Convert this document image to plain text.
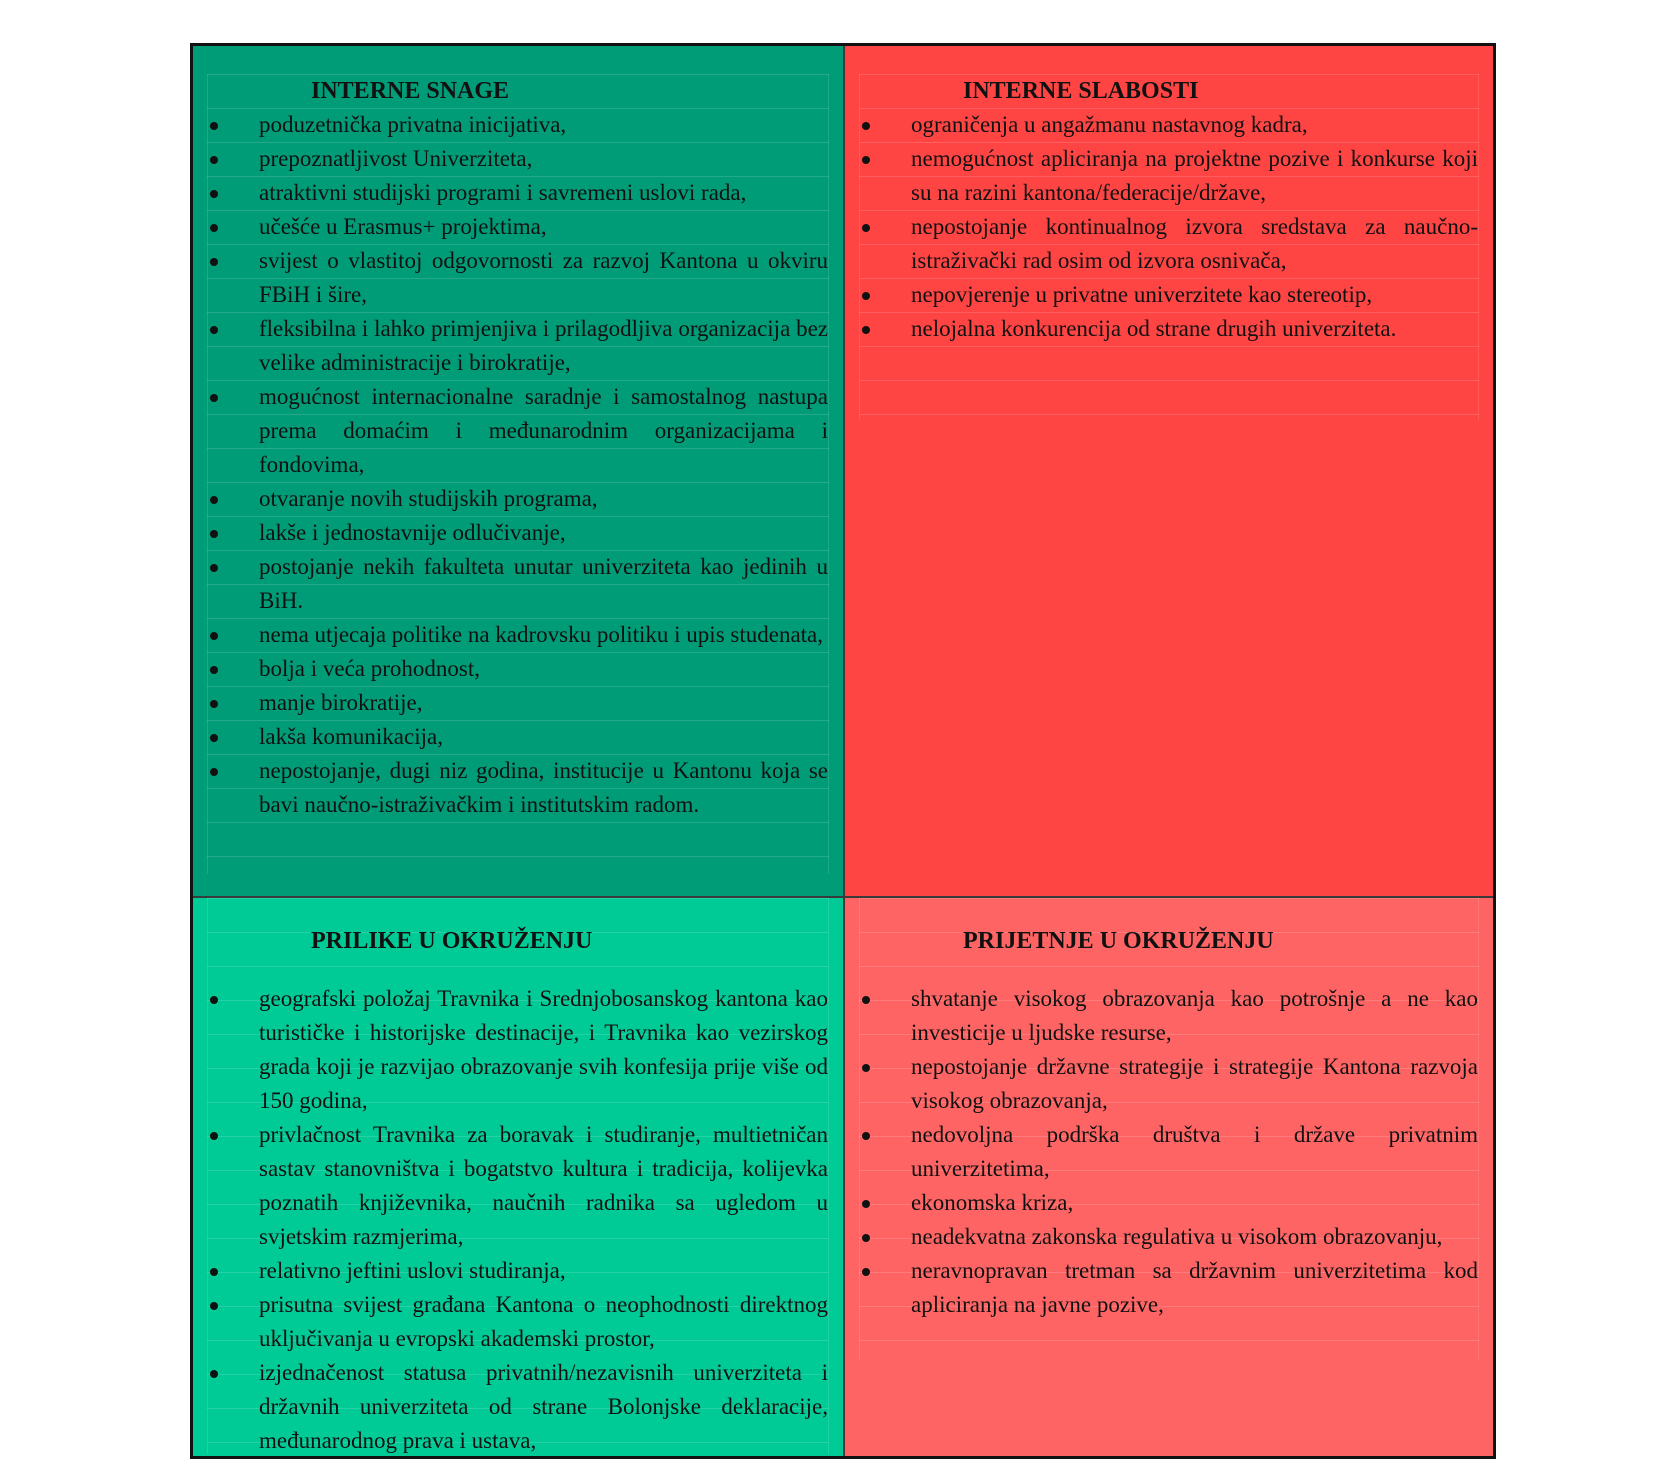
INTERNE SNAGE
poduzetnička privatna inicijativa,
prepoznatljivost Univerziteta,
atraktivni studijski programi i savremeni uslovi rada,
učešće u Erasmus+ projektima,
svijest o vlastitoj odgovornosti za razvoj Kantona u okviru FBiH i šire,
fleksibilna i lahko primjenjiva i prilagodljiva organizacija bez velike administracije i birokratije,
mogućnost internacionalne saradnje i samostalnog nastupa prema domaćim i međunarodnim organizacijama i fondovima,
otvaranje novih studijskih programa,
lakše i jednostavnije odlučivanje,
postojanje nekih fakulteta unutar univerziteta kao jedinih u BiH.
nema utjecaja politike na kadrovsku politiku i upis studenata,
bolja i veća prohodnost,
manje birokratije,
lakša komunikacija,
nepostojanje, dugi niz godina, institucije u Kantonu koja se bavi naučno-istraživačkim i institutskim radom.
INTERNE SLABOSTI
ograničenja u angažmanu nastavnog kadra,
nemogućnost apliciranja na projektne pozive i konkurse koji su na razini kantona/federacije/države,
nepostojanje kontinualnog izvora sredstava za naučno-istraživački rad osim od izvora osnivača,
nepovjerenje u privatne univerzitete kao stereotip,
nelojalna konkurencija od strane drugih univerziteta.
PRILIKE U OKRUŽENJU
geografski položaj Travnika i Srednjobosanskog kantona kao turističke i historijske destinacije, i Travnika kao vezirskog grada koji je razvijao obrazovanje svih konfesija prije više od 150 godina,
privlačnost Travnika za boravak i studiranje, multietničan sastav stanovništva i bogatstvo kultura i tradicija, kolijevka poznatih književnika, naučnih radnika sa ugledom u svjetskim razmjerima,
relativno jeftini uslovi studiranja,
prisutna svijest građana Kantona o neophodnosti direktnog uključivanja u evropski akademski prostor,
izjednačenost statusa privatnih/nezavisnih univerziteta i državnih univerziteta od strane Bolonjske deklaracije, međunarodnog prava i ustava,
PRIJETNJE U OKRUŽENJU
shvatanje visokog obrazovanja kao potrošnje a ne kao investicije u ljudske resurse,
nepostojanje državne strategije i strategije Kantona razvoja visokog obrazovanja,
nedovoljna podrška društva i države privatnim univerzitetima,
ekonomska kriza,
neadekvatna zakonska regulativa u visokom obrazovanju,
neravnopravan tretman sa državnim univerzitetima kod apliciranja na javne pozive,
